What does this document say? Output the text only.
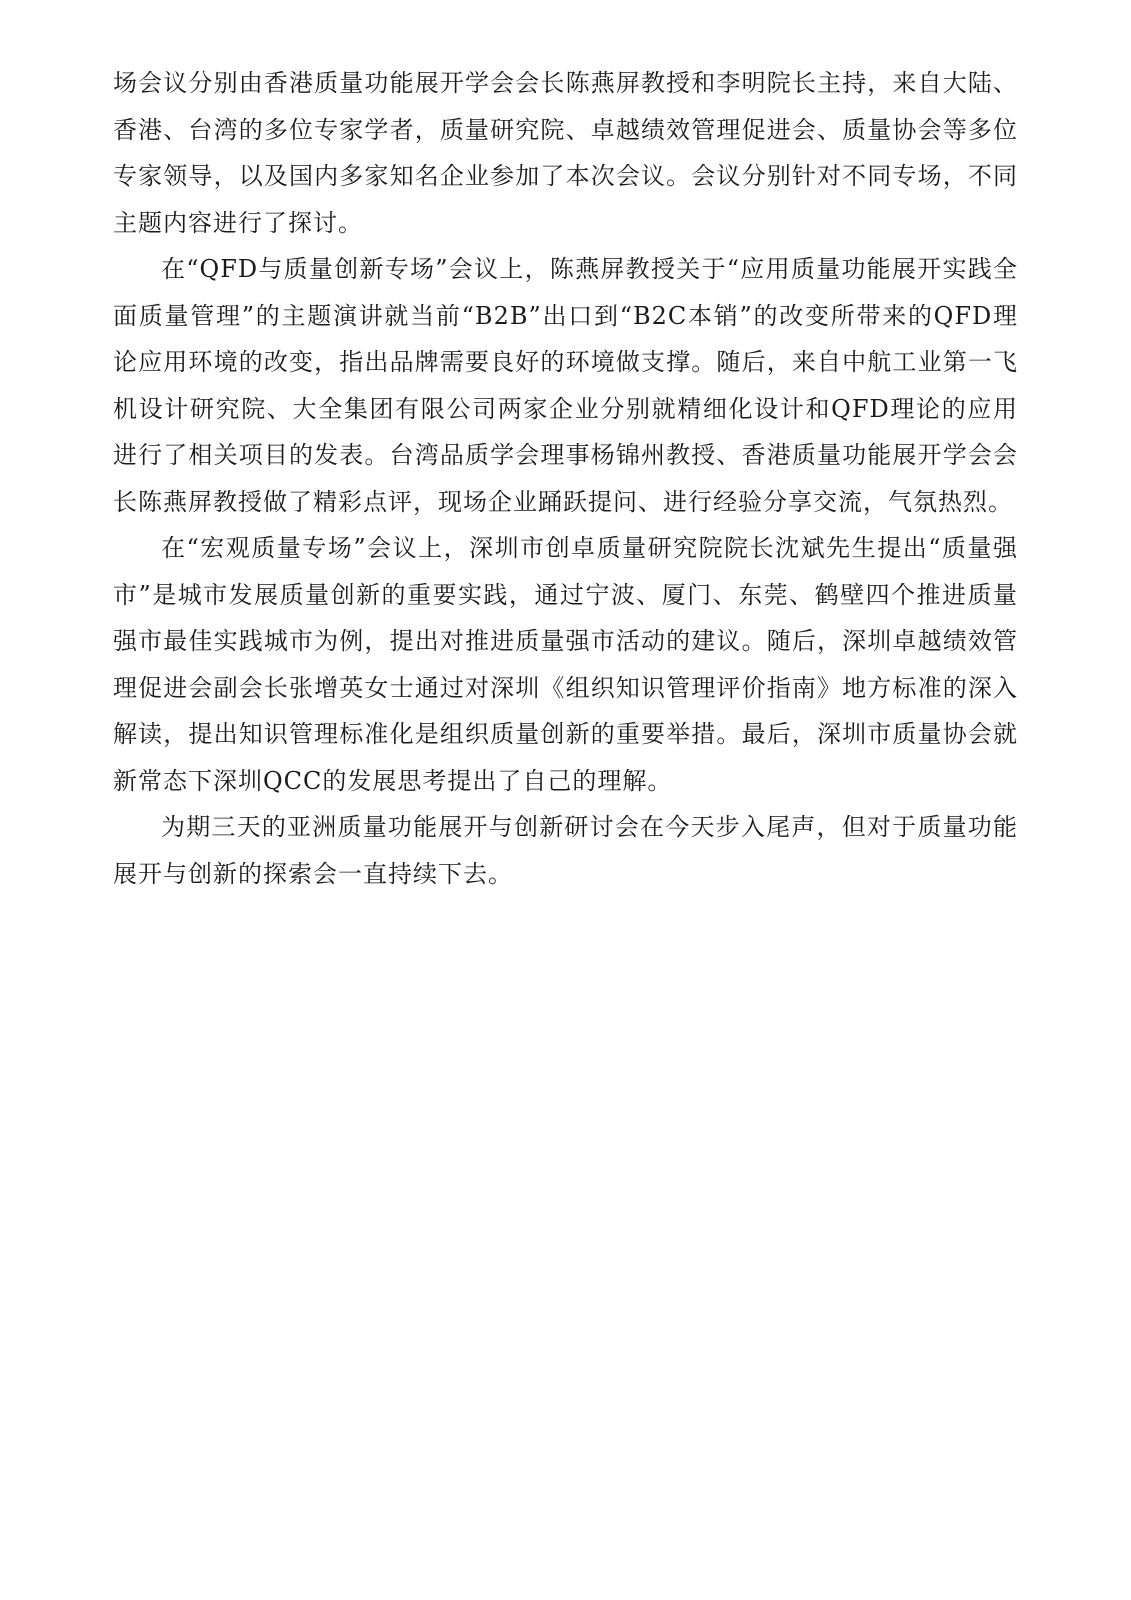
场会议分别由香港质量功能展开学会会长陈燕屏教授和李明院长主持，来自大陆、香港、台湾的多位专家学者，质量研究院、卓越绩效管理促进会、质量协会等多位专家领导，以及国内多家知名企业参加了本次会议。会议分别针对不同专场，不同主题内容进行了探讨。

在“QFD与质量创新专场”会议上，陈燕屏教授关于“应用质量功能展开实践全面质量管理”的主题演讲就当前“B2B”出口到“B2C本销”的改变所带来的QFD理论应用环境的改变，指出品牌需要良好的环境做支撑。随后，来自中航工业第一飞机设计研究院、大全集团有限公司两家企业分别就精细化设计和QFD理论的应用进行了相关项目的发表。台湾品质学会理事杨锦州教授、香港质量功能展开学会会长陈燕屏教授做了精彩点评，现场企业踊跃提问、进行经验分享交流，气氛热烈。

在“宏观质量专场”会议上，深圳市创卓质量研究院院长沈斌先生提出“质量强市”是城市发展质量创新的重要实践，通过宁波、厦门、东莞、鹤壁四个推进质量强市最佳实践城市为例，提出对推进质量强市活动的建议。随后，深圳卓越绩效管理促进会副会长张增英女士通过对深圳《组织知识管理评价指南》地方标准的深入解读，提出知识管理标准化是组织质量创新的重要举措。最后，深圳市质量协会就新常态下深圳QCC的发展思考提出了自己的理解。

为期三天的亚洲质量功能展开与创新研讨会在今天步入尾声，但对于质量功能展开与创新的探索会一直持续下去。
